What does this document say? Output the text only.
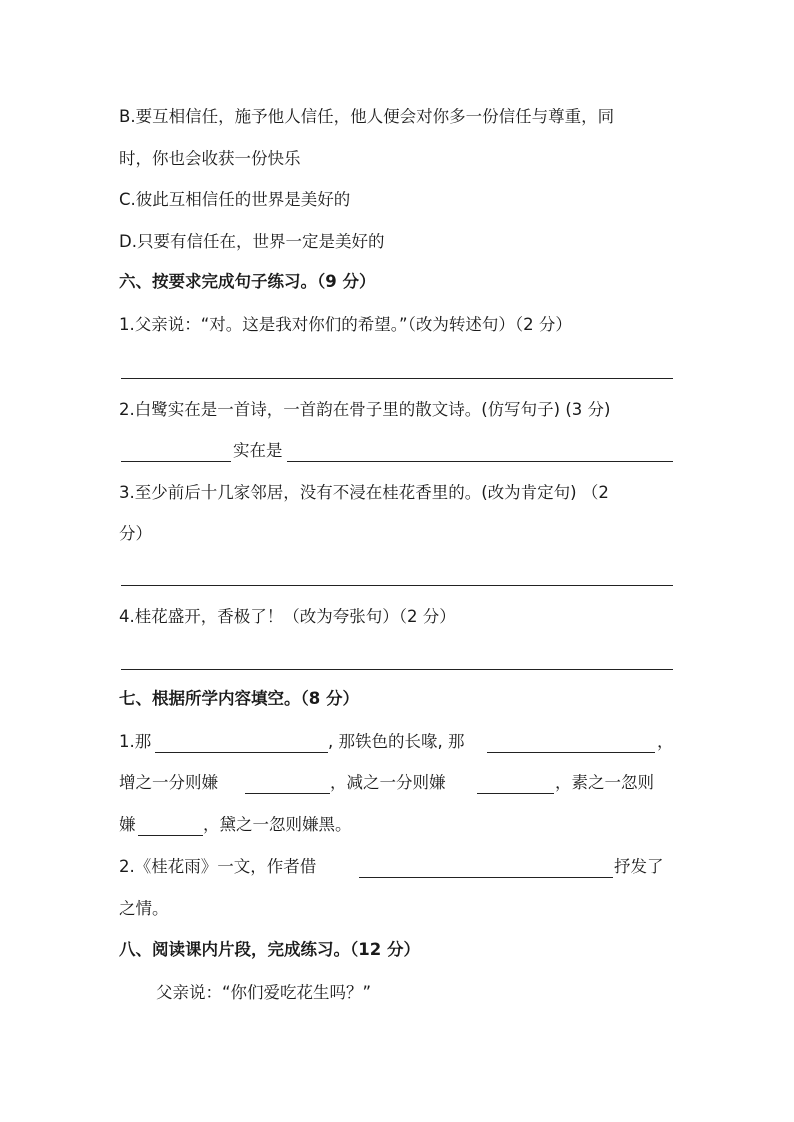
B.要互相信任，施予他人信任，他人便会对你多一份信任与尊重，同
时，你也会收获一份快乐
C.彼此互相信任的世界是美好的
D.只要有信任在，世界一定是美好的
六、按要求完成句子练习。（9 分）
1.父亲说：“对。这是我对你们的希望。”（改为转述句）（2 分）
2.白鹭实在是一首诗，一首韵在骨子里的散文诗。(仿写句子) (3 分)
实在是
3.至少前后十几家邻居，没有不浸在桂花香里的。(改为肯定句) （2
分）
4.桂花盛开，香极了！（改为夸张句）（2 分）
七、根据所学内容填空。（8 分）
1.那	, 那铁色的长喙, 那	，
增之一分则嫌	，减之一分则嫌	，素之一忽则
嫌	，黛之一忽则嫌黑。
2.《桂花雨》一文，作者借	抒发了
之情。
八、阅读课内片段，完成练习。（12 分）
父亲说：“你们爱吃花生吗？”
